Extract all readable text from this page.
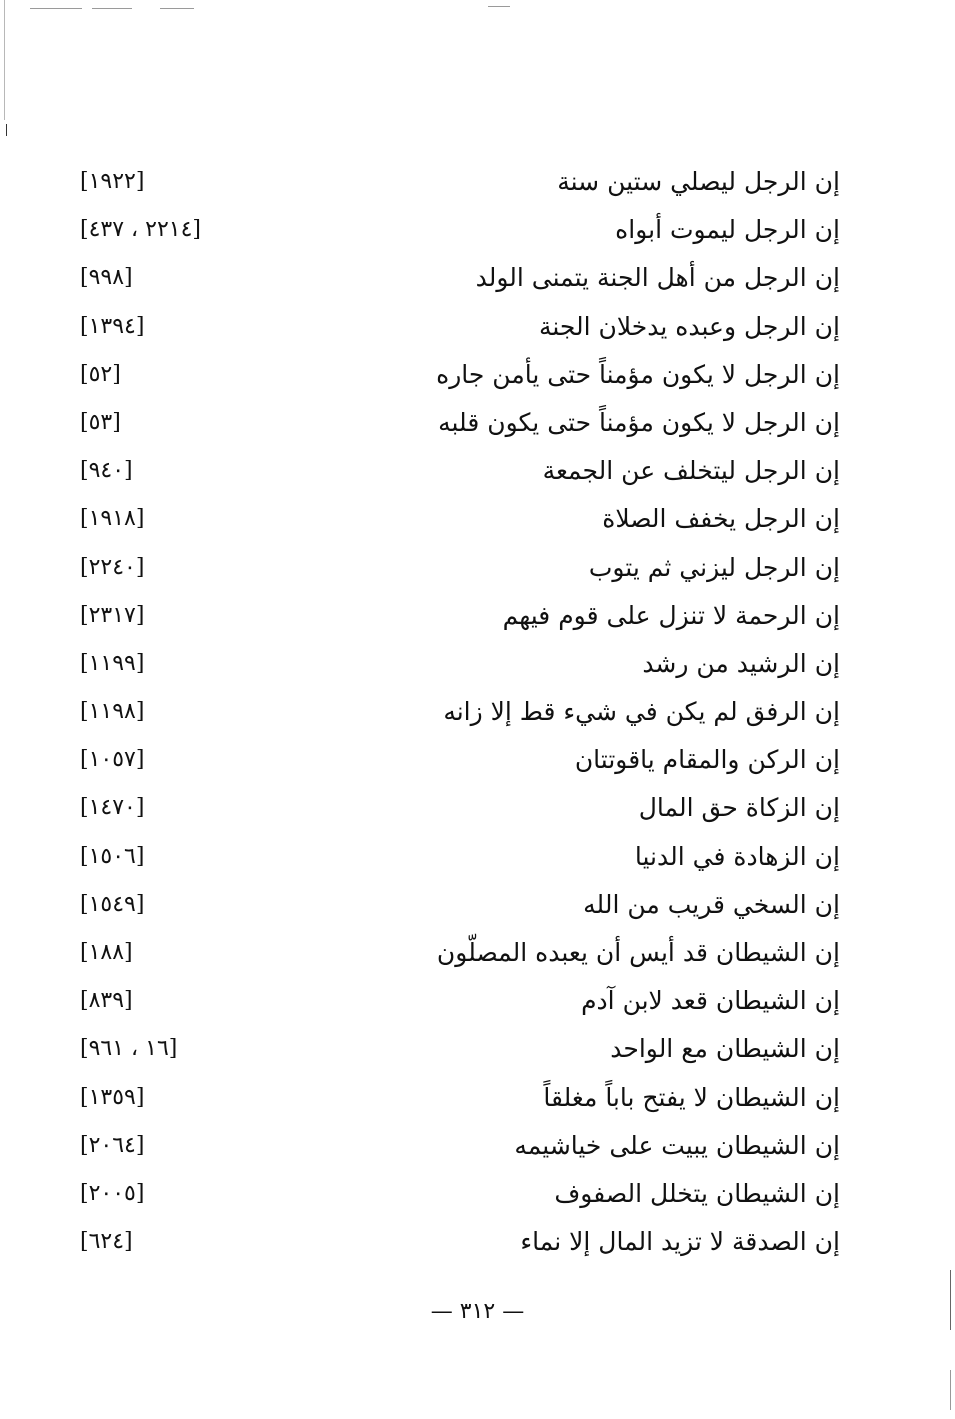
إن الرجل ليصلي ستين سنة
[١٩٢٢]
إن الرجل ليموت أبواه
[٢٢١٤ ، ٤٣٧]
إن الرجل من أهل الجنة يتمنى الولد
[٩٩٨]
إن الرجل وعبده يدخلان الجنة
[١٣٩٤]
إن الرجل لا يكون مؤمناً حتى يأمن جاره
[٥٢]
إن الرجل لا يكون مؤمناً حتى يكون قلبه
[٥٣]
إن الرجل ليتخلف عن الجمعة
[٩٤٠]
إن الرجل يخفف الصلاة
[١٩١٨]
إن الرجل ليزني ثم يتوب
[٢٢٤٠]
إن الرحمة لا تنزل على قوم فيهم
[٢٣١٧]
إن الرشيد من رشد
[١١٩٩]
إن الرفق لم يكن في شيء قط إلا زانه
[١١٩٨]
إن الركن والمقام ياقوتتان
[١٠٥٧]
إن الزكاة حق المال
[١٤٧٠]
إن الزهادة في الدنيا
[١٥٠٦]
إن السخي قريب من الله
[١٥٤٩]
إن الشيطان قد أيس أن يعبده المصلّون
[١٨٨]
إن الشيطان قعد لابن آدم
[٨٣٩]
إن الشيطان مع الواحد
[١٦ ، ٩٦١]
إن الشيطان لا يفتح باباً مغلقاً
[١٣٥٩]
إن الشيطان يبيت على خياشيمه
[٢٠٦٤]
إن الشيطان يتخلل الصفوف
[٢٠٠٥]
إن الصدقة لا تزيد المال إلا نماء
[٦٢٤]
— ٣١٢ —
